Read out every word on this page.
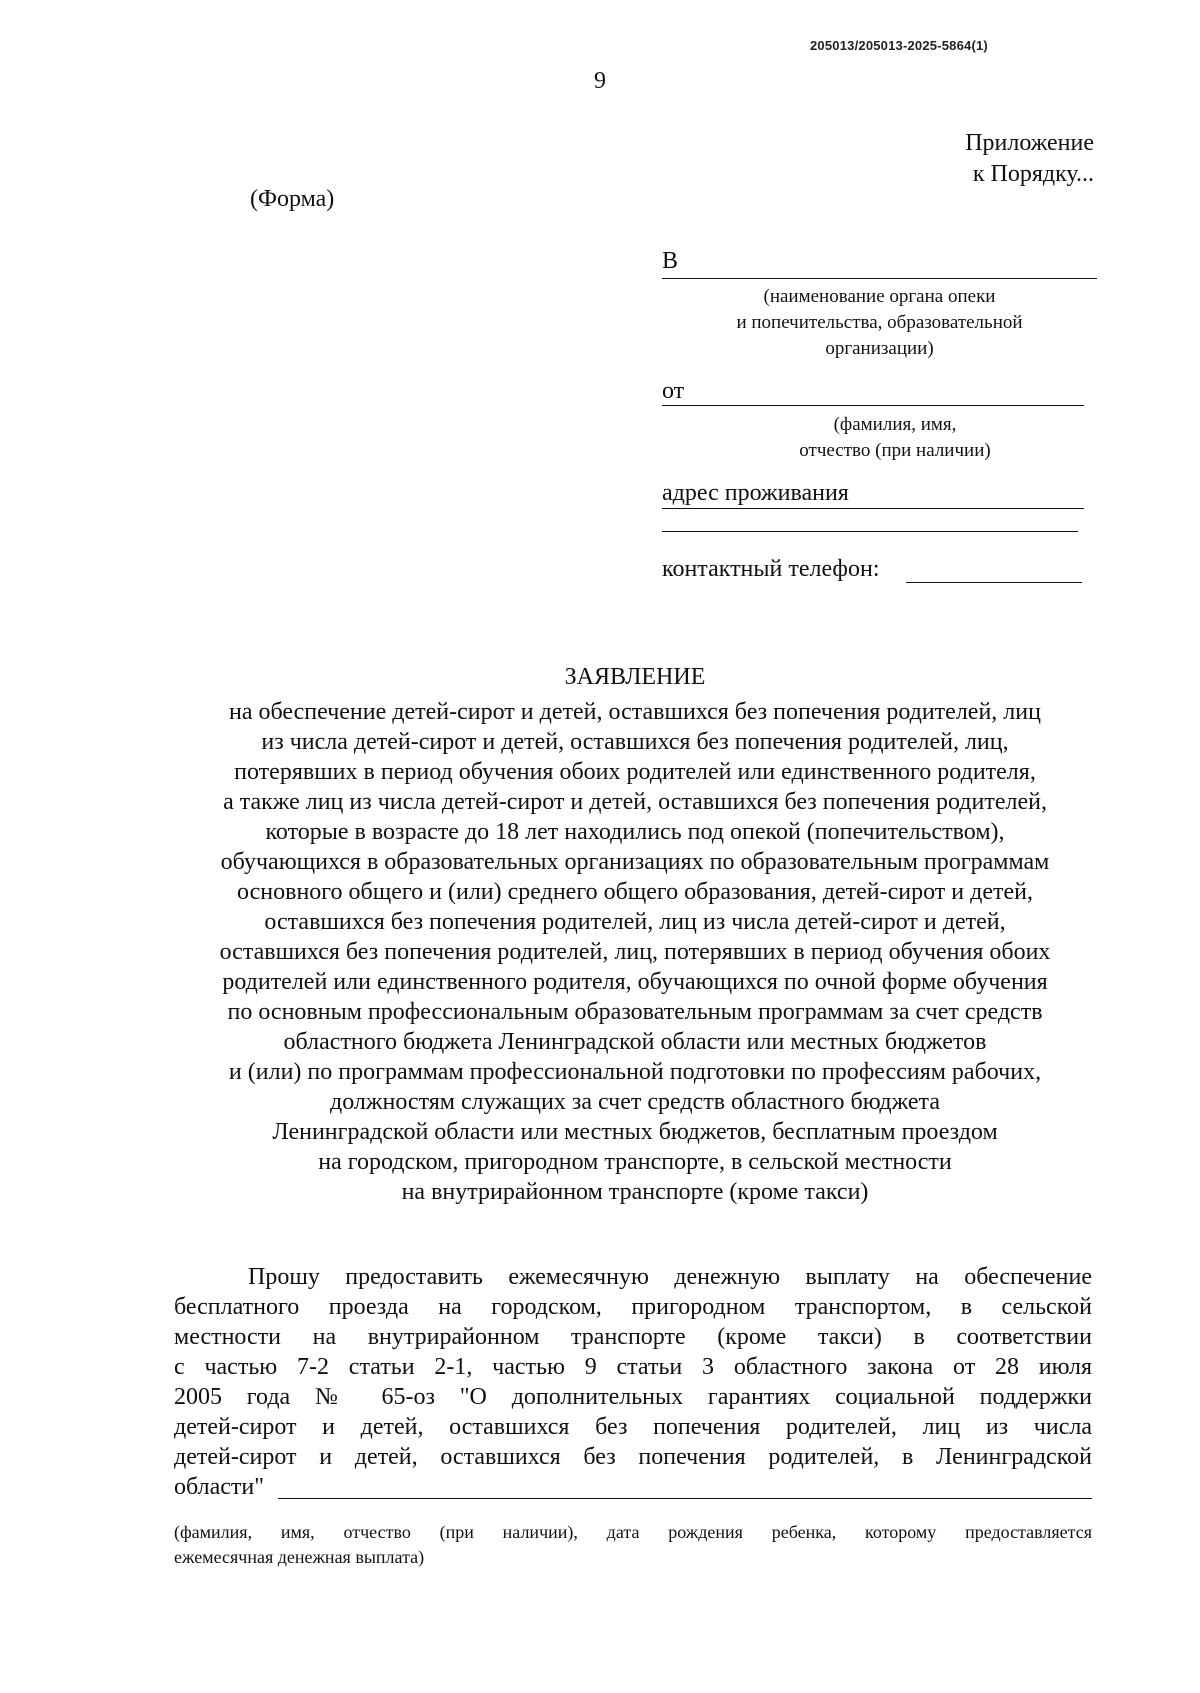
205013/205013-2025-5864(1)
9
Приложение
к Порядку...
(Форма)
В
(наименование органа опеки
и попечительства, образовательной
организации)
от
(фамилия, имя,
отчество (при наличии)
адрес проживания
контактный телефон:
ЗАЯВЛЕНИЕ
на обеспечение детей-сирот и детей, оставшихся без попечения родителей, лиц
из числа детей-сирот и детей, оставшихся без попечения родителей, лиц,
потерявших в период обучения обоих родителей или единственного родителя,
а также лиц из числа детей-сирот и детей, оставшихся без попечения родителей,
которые в возрасте до 18 лет находились под опекой (попечительством),
обучающихся в образовательных организациях по образовательным программам
основного общего и (или) среднего общего образования, детей-сирот и детей,
оставшихся без попечения родителей, лиц из числа детей-сирот и детей,
оставшихся без попечения родителей, лиц, потерявших в период обучения обоих
родителей или единственного родителя, обучающихся по очной форме обучения
по основным профессиональным образовательным программам за счет средств
областного бюджета Ленинградской области или местных бюджетов
и (или) по программам профессиональной подготовки по профессиям рабочих,
должностям служащих за счет средств областного бюджета
Ленинградской области или местных бюджетов, бесплатным проездом
на городском, пригородном транспорте, в сельской местности
на внутрирайонном транспорте (кроме такси)
Прошу предоставить ежемесячную денежную выплату на обеспечение
бесплатного проезда на городском, пригородном транспортом, в сельской
местности на внутрирайонном транспорте (кроме такси) в соответствии
с частью 7-2 статьи 2-1, частью 9 статьи 3 областного закона от 28 июля
2005 года № 65-оз "О дополнительных гарантиях социальной поддержки
детей-сирот и детей, оставшихся без попечения родителей, лиц из числа
детей-сирот и детей, оставшихся без попечения родителей, в Ленинградской
области"
(фамилия, имя, отчество (при наличии), дата рождения ребенка, которому предоставляется
ежемесячная денежная выплата)
